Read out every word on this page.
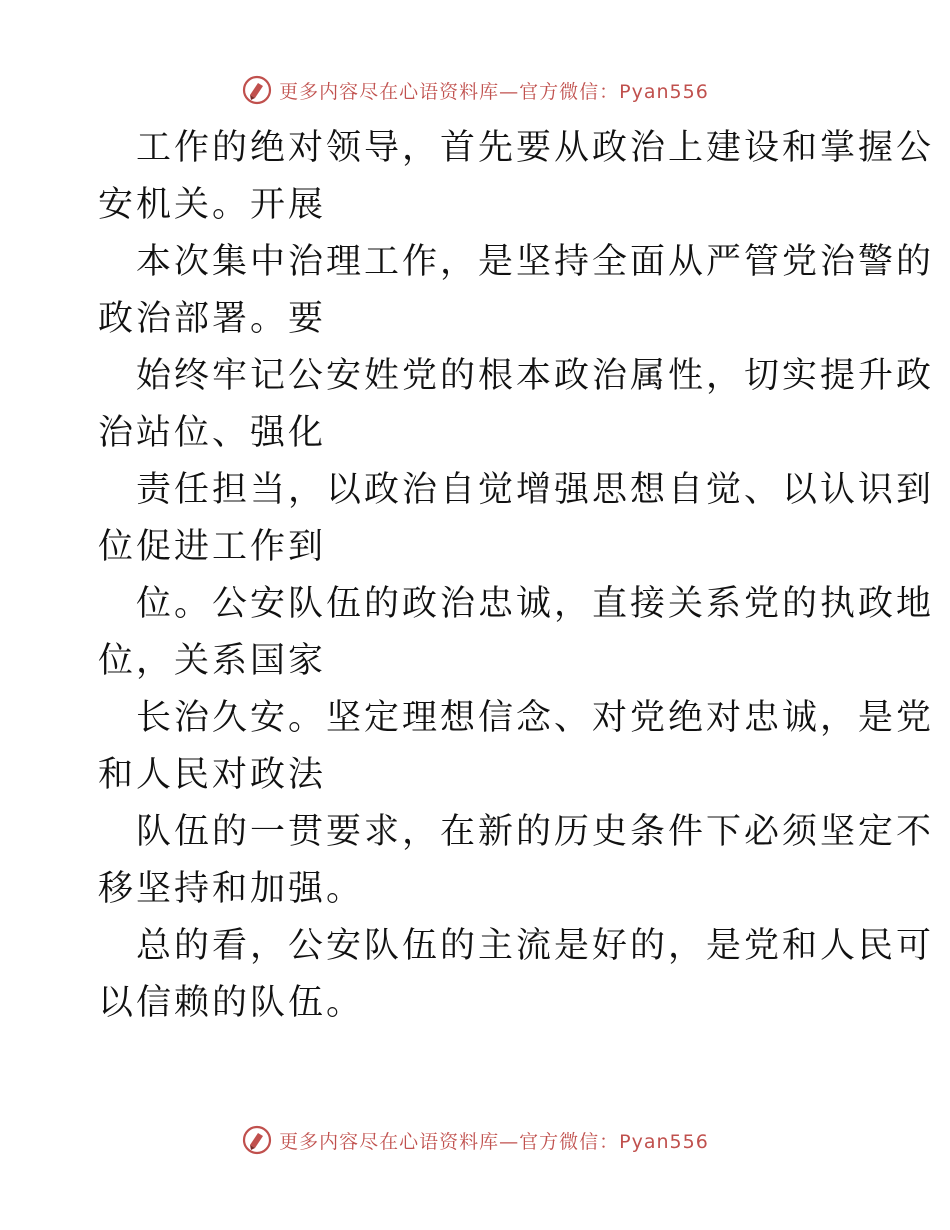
更多内容尽在心语资料库—官方微信：Pyan556

工作的绝对领导，首先要从政治上建设和掌握公
安机关。开展

本次集中治理工作，是坚持全面从严管党治警的
政治部署。要

始终牢记公安姓党的根本政治属性，切实提升政
治站位、强化

责任担当，以政治自觉增强思想自觉、以认识到
位促进工作到

位。公安队伍的政治忠诚，直接关系党的执政地
位，关系国家

长治久安。坚定理想信念、对党绝对忠诚，是党
和人民对政法

队伍的一贯要求，在新的历史条件下必须坚定不
移坚持和加强。

总的看，公安队伍的主流是好的，是党和人民可
以信赖的队伍。

更多内容尽在心语资料库—官方微信：Pyan556
